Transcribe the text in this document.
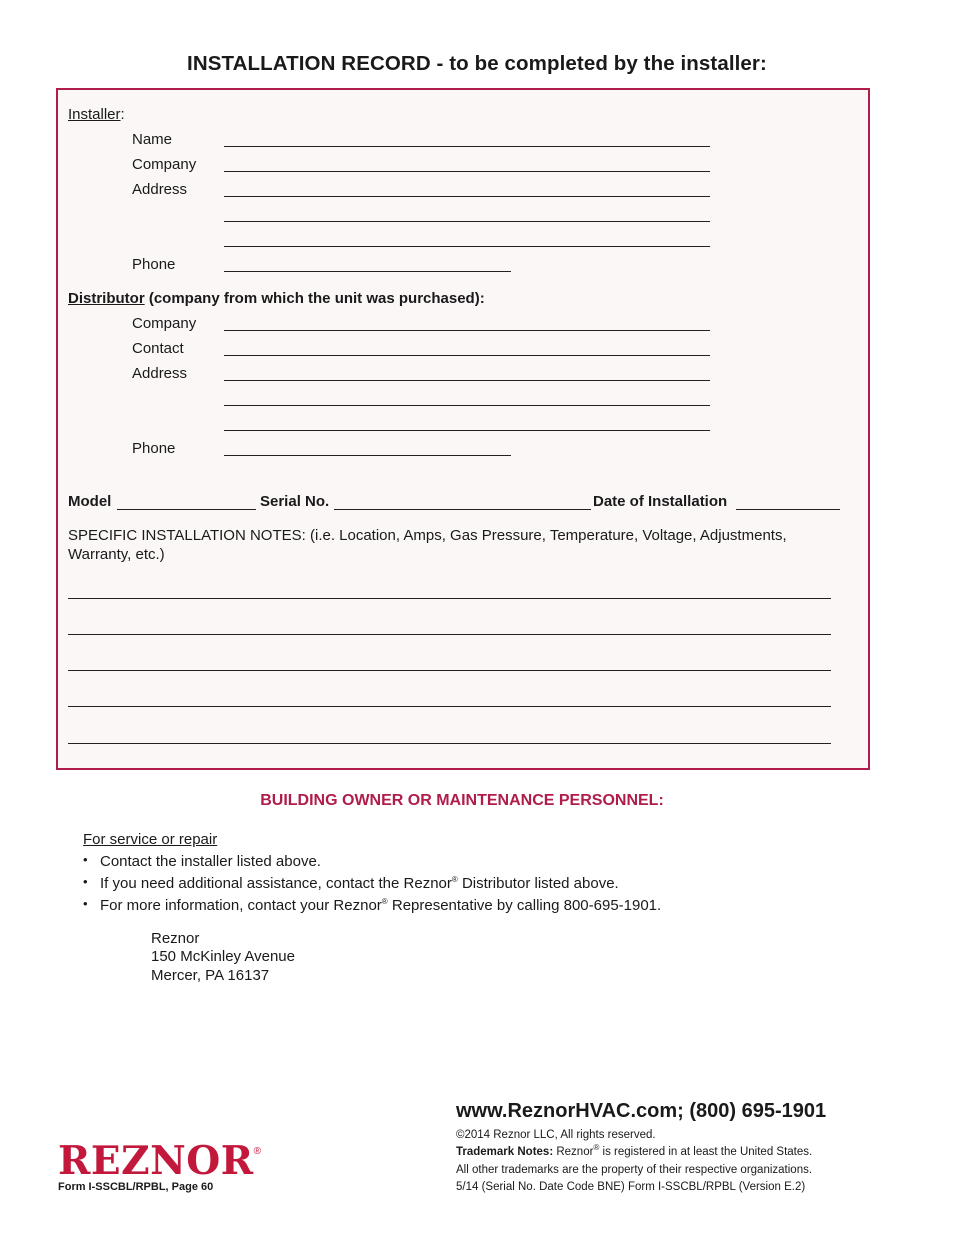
INSTALLATION RECORD - to be completed by the installer:
Installer:
Name
Company
Address
Phone
Distributor (company from which the unit was purchased):
Company
Contact
Address
Phone
Model	Serial No.	Date of Installation
SPECIFIC INSTALLATION NOTES: (i.e. Location, Amps, Gas Pressure, Temperature, Voltage, Adjustments,
Warranty, etc.)
BUILDING OWNER OR MAINTENANCE PERSONNEL:
For service or repair
• Contact the installer listed above.
• If you need additional assistance, contact the Reznor® Distributor listed above.
• For more information, contact your Reznor® Representative by calling 800-695-1901.
Reznor
150 McKinley Avenue
Mercer, PA 16137
www.ReznorHVAC.com; (800) 695-1901
©2014 Reznor LLC, All rights reserved.
Trademark Notes: Reznor® is registered in at least the United States.
All other trademarks are the property of their respective organizations.
5/14 (Serial No. Date Code BNE) Form I-SSCBL/RPBL (Version E.2)
REZNOR®
Form I-SSCBL/RPBL, Page 60
